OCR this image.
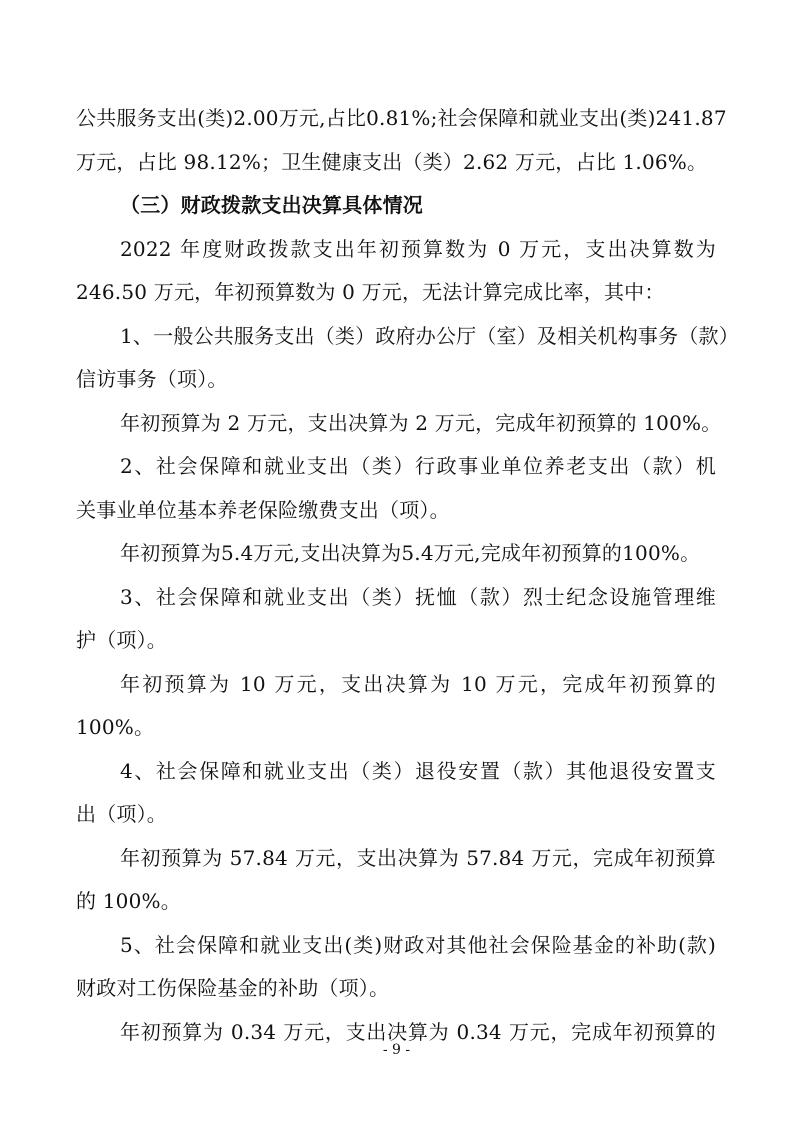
公共服务支出(类)2.00万元,占比0.81%;社会保障和就业支出(类)241.87
万元，占比 98.12%；卫生健康支出（类）2.62 万元，占比 1.06%。
（三）财政拨款支出决算具体情况
2022 年度财政拨款支出年初预算数为 0 万元，支出决算数为
246.50 万元，年初预算数为 0 万元，无法计算完成比率，其中：
1、一般公共服务支出（类）政府办公厅（室）及相关机构事务（款）
信访事务（项）。
年初预算为 2 万元，支出决算为 2 万元，完成年初预算的 100%。
2、社会保障和就业支出（类）行政事业单位养老支出（款）机
关事业单位基本养老保险缴费支出（项）。
年初预算为5.4万元,支出决算为5.4万元,完成年初预算的100%。
3、社会保障和就业支出（类）抚恤（款）烈士纪念设施管理维
护（项）。
年初预算为 10 万元，支出决算为 10 万元，完成年初预算的
100%。
4、社会保障和就业支出（类）退役安置（款）其他退役安置支
出（项）。
年初预算为 57.84 万元，支出决算为 57.84 万元，完成年初预算
的 100%。
5、社会保障和就业支出(类)财政对其他社会保险基金的补助(款)
财政对工伤保险基金的补助（项）。
- 9 -
年初预算为 0.34 万元，支出决算为 0.34 万元，完成年初预算的
